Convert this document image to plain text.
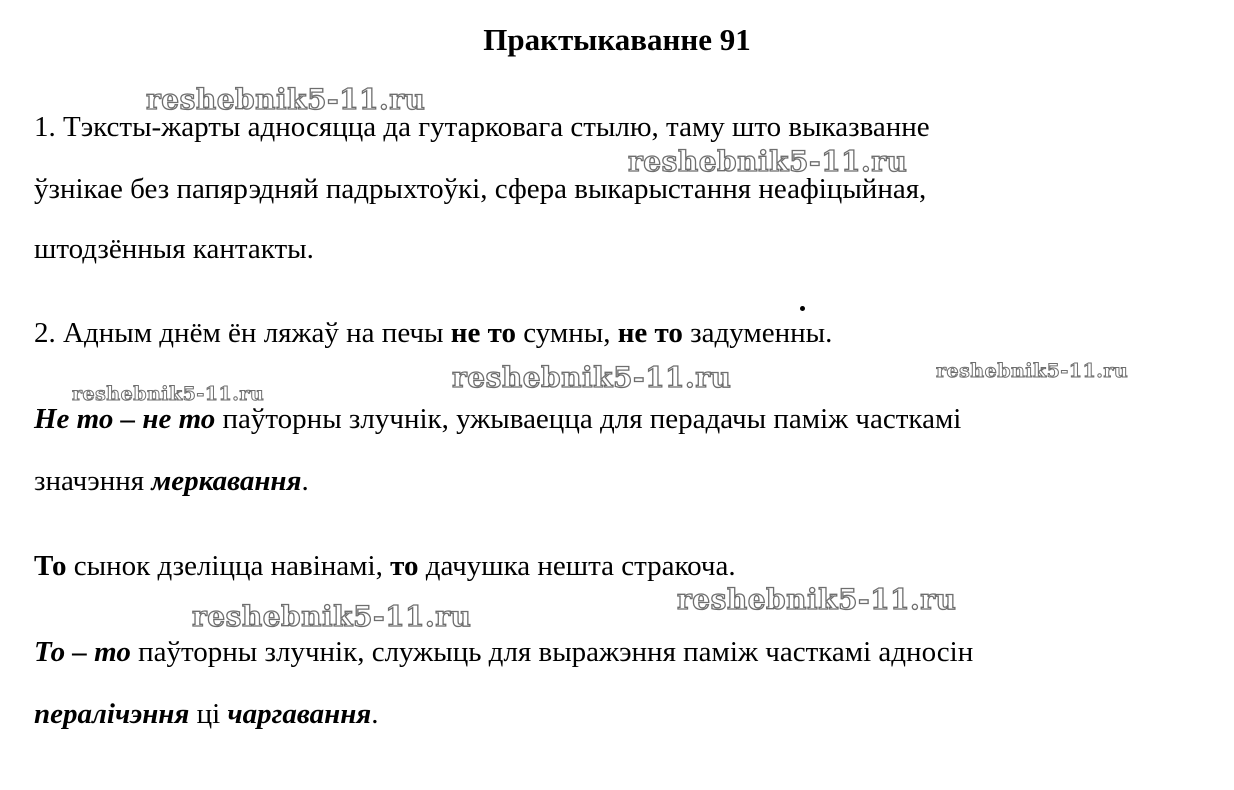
Практыкаванне 91
1. Тэксты-жарты адносяцца да гутарковага стылю, таму што выказванне
ўзнікае без папярэдняй падрыхтоўкі, сфера выкарыстання неафіцыйная,
штодзённыя кантакты.
2. Адным днём ён ляжаў на печы не то сумны, не то задуменны.
Не то – не то паўторны злучнік, ужываецца для перадачы паміж часткамі
значэння меркавання.
То сынок дзеліцца навінамі, то дачушка нешта стракоча.
То – то паўторны злучнік, служыць для выражэння паміж часткамі адносін
пералічэння ці чаргавання.
reshebnik5-11.ru
reshebnik5-11.ru
reshebnik5-11.ru	reshebnik5-11.ru	reshebnik5-11.ru
reshebnik5-11.ru
reshebnik5-11.ru
